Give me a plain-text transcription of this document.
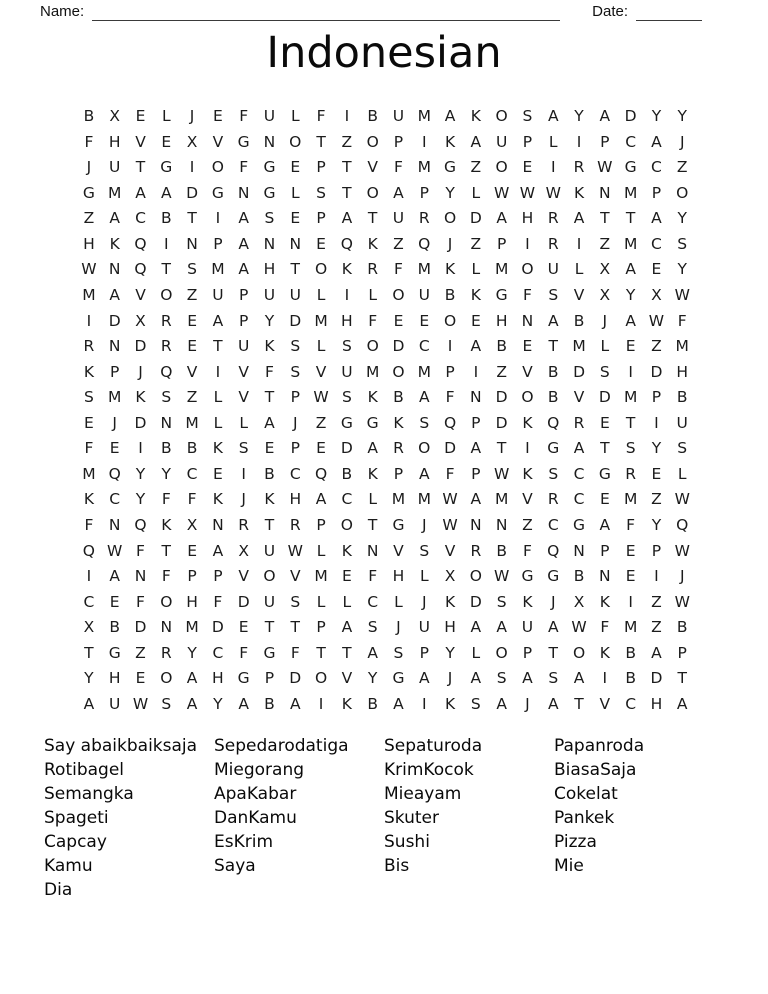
Name:	Date:
Indonesian
B X	E	L	J	E	F	U	L	F	I	B U M A K O S	A	Y	A D Y	Y
F	H V	E	X V G N O T	Z O P	I	K A U P	L	I	P	C A	J
J	U T G	I	O F G E	P	T	V	F M G Z O E	I	R W G C Z
G M A A D G N G L	S	T O A	P	Y	L W W W K N M P O
Z A C B	T	I	A	S	E	P	A	T U R O D A H R A	T	T	A	Y
H K Q	I	N P	A N N E Q K Z Q	J	Z	P	I	R	I	Z M C S
W N Q T	S M A H T O K R	F M K	L M O U	L	X A	E	Y
M A V O Z U P U U	L	I	L O U B K G F	S	V X	Y	X W
I	D X R	E	A	P	Y D M H	F	E	E O E H N A B	J	A W F
R N D R	E	T U K	S	L	S O D C	I	A B	E	T M L	E	Z M
K	P	J	Q V	I	V	F	S	V U M O M P	I	Z V B D S	I	D H
S M K	S	Z	L	V	T	P W S	K B A	F	N D O B V D M P	B
E	J	D N M L	L	A	J	Z G G K	S Q P D K Q R	E	T	I	U
F	E	I	B B K	S	E	P	E D A R O D A	T	I	G A	T	S	Y	S
M Q Y	Y	C E	I	B C Q B K	P	A	F	P W K	S C G R	E	L
K C	Y	F	F	K	J	K H A C	L M M W A M V R C E M Z W
F	N Q K X N R	T	R	P O T G	J	W N N Z C G A	F	Y Q
Q W F	T	E	A X U W L	K N V	S	V R B	F Q N P	E	P W
I	A N	F	P	P	V O V M E	F	H	L	X O W G G B N E	I	J
C E	F O H	F D U S	L	L	C	L	J	K D S	K	J	X K	I	Z W
X B D N M D E	T	T	P	A	S	J	U H A A U A W F M Z B
T G Z R	Y	C	F G F	T	T	A	S	P	Y	L O P	T O K B A	P
Y H E O A H G P D O V	Y G A	J	A	S	A	S	A	I	B D T
A U W S	A	Y	A B A	I	K B A	I	K	S	A	J	A	T	V C H A
Say abaikbaiksaja
Rotibagel
Semangka
Spageti
Capcay
Kamu
Dia
Sepedarodatiga
Miegorang
ApaKabar
DanKamu
EsKrim
Saya
Sepaturoda
KrimKocok
Mieayam
Skuter
Sushi
Bis
Papanroda
BiasaSaja
Cokelat
Pankek
Pizza
Mie
